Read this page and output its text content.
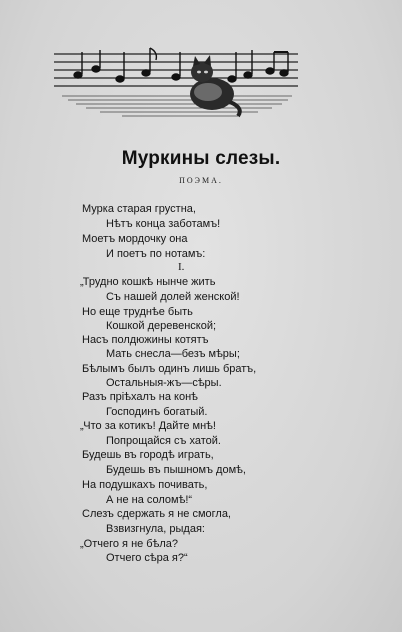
Муркины слезы.
ПОЭМА.
Мурка старая грустна,
Нѣтъ конца заботамъ!
Моетъ мордочку она
И поетъ по нотамъ:
I.
„Трудно кошкѣ нынче жить
Съ нашей долей женской!
Но еще труднѣе быть
Кошкой деревенской;
Насъ полдюжины котятъ
Мать снесла—безъ мѣры;
Бѣлымъ былъ одинъ лишь братъ,
Остальныя-жъ—сѣры.
Разъ пріѣхалъ на конѣ
Господинъ богатый.
„Что за котикъ! Дайте мнѣ!
Попрощайся съ хатой.
Будешь въ городѣ играть,
Будешь въ пышномъ домѣ,
На подушкахъ почивать,
А не на соломѣ!“
Слезъ сдержать я не смогла,
Взвизгнула, рыдая:
„Отчего я не бѣла?
Отчего сѣра я?“
